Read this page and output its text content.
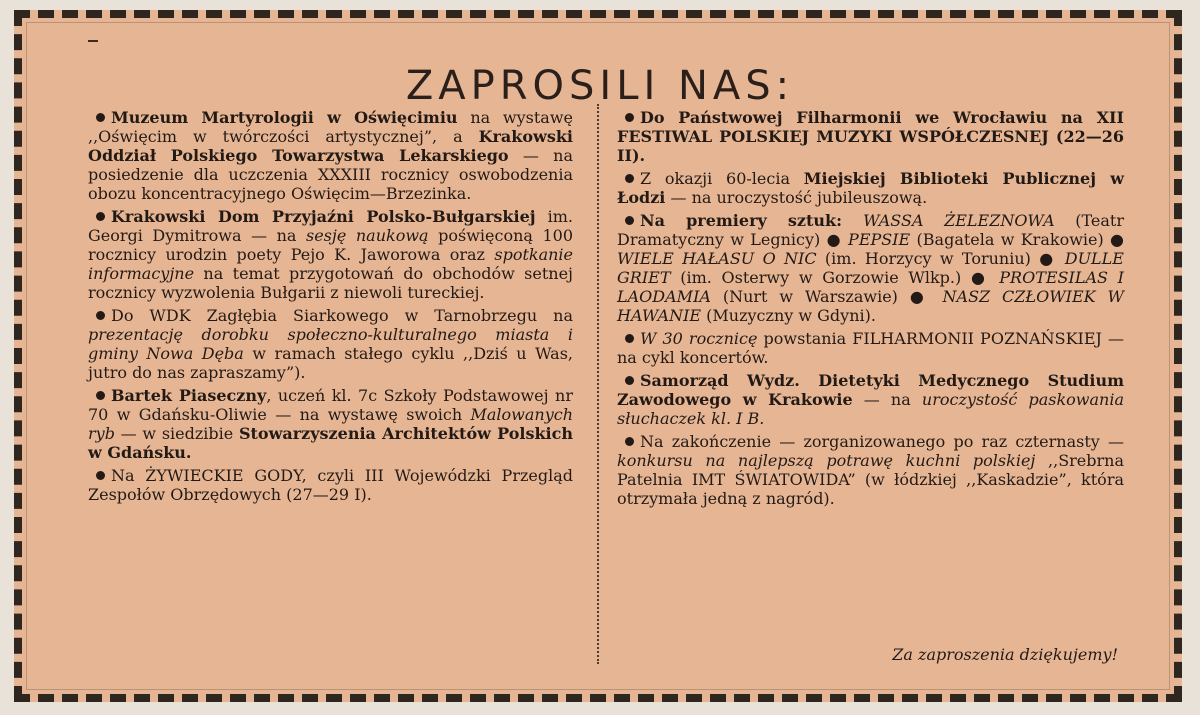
ZAPROSILI NAS:

Muzeum Martyrologii w Oświęcimiu na wystawę ,,Oświęcim w twórczości artystycznej”, a Krakowski Oddział Polskiego Towarzystwa Lekarskiego — na posiedzenie dla uczczenia XXXIII rocznicy oswobodzenia obozu koncentracyjnego Oświęcim—Brzezinka.

Krakowski Dom Przyjaźni Polsko-Bułgarskiej im. Georgi Dymitrowa — na sesję naukową poświęconą 100 rocznicy urodzin poety Pejo K. Jaworowa oraz spotkanie informacyjne na temat przygotowań do obchodów setnej rocznicy wyzwolenia Bułgarii z niewoli tureckiej.

Do WDK Zagłębia Siarkowego w Tarnobrzegu na prezentację dorobku społeczno-kulturalnego miasta i gminy Nowa Dęba w ramach stałego cyklu ,,Dziś u Was, jutro do nas zapraszamy”).

Bartek Piaseczny, uczeń kl. 7c Szkoły Podstawowej nr 70 w Gdańsku-Oliwie — na wystawę swoich Malowanych ryb — w siedzibie Stowarzyszenia Architektów Polskich w Gdańsku.

Na ŻYWIECKIE GODY, czyli III Wojewódzki Przegląd Zespołów Obrzędowych (27—29 I).

Do Państwowej Filharmonii we Wrocławiu na XII FESTIWAL POLSKIEJ MUZYKI WSPÓŁCZESNEJ (22—26 II).

Z okazji 60-lecia Miejskiej Biblioteki Publicznej w Łodzi — na uroczystość jubileuszową.

Na premiery sztuk: WASSA ŻELEZNOWA (Teatr Dramatyczny w Legnicy) ● PEPSIE (Bagatela w Krakowie) ● WIELE HAŁASU O NIC (im. Horzycy w Toruniu) ● DULLE GRIET (im. Osterwy w Gorzowie Wlkp.) ● PROTESILAS I LAODAMIA (Nurt w Warszawie) ● NASZ CZŁOWIEK W HAWANIE (Muzyczny w Gdyni).

W 30 rocznicę powstania FILHARMONII POZNAŃSKIEJ — na cykl koncertów.

Samorząd Wydz. Dietetyki Medycznego Studium Zawodowego w Krakowie — na uroczystość paskowania słuchaczek kl. I B.

Na zakończenie — zorganizowanego po raz czternasty — konkursu na najlepszą potrawę kuchni polskiej ,,Srebrna Patelnia IMT ŚWIATOWIDA” (w łódzkiej ,,Kaskadzie”, która otrzymała jedną z nagród).

Za zaproszenia dziękujemy!
